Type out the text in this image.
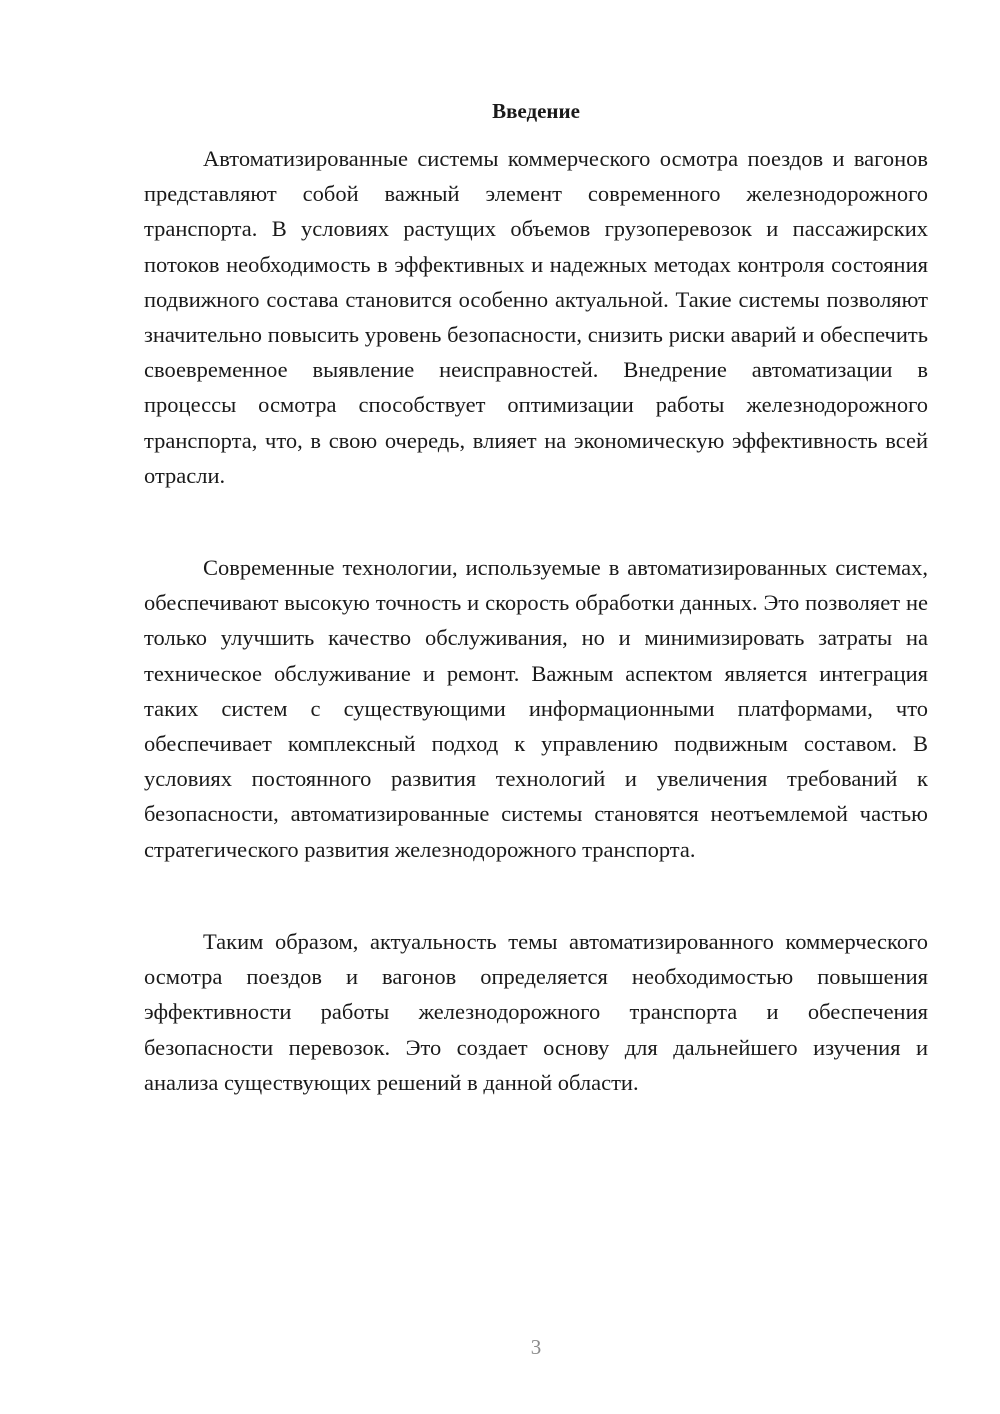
Введение

Автоматизированные системы коммерческого осмотра поездов и вагонов представляют собой важный элемент современного железнодорожного транспорта. В условиях растущих объемов грузоперевозок и пассажирских потоков необходимость в эффективных и надежных методах контроля состояния подвижного состава становится особенно актуальной. Такие системы позволяют значительно повысить уровень безопасности, снизить риски аварий и обеспечить своевременное выявление неисправностей. Внедрение автоматизации в процессы осмотра способствует оптимизации работы железнодорожного транспорта, что, в свою очередь, влияет на экономическую эффективность всей отрасли.

Современные технологии, используемые в автоматизированных системах, обеспечивают высокую точность и скорость обработки данных. Это позволяет не только улучшить качество обслуживания, но и минимизировать затраты на техническое обслуживание и ремонт. Важным аспектом является интеграция таких систем с существующими информационными платформами, что обеспечивает комплексный подход к управлению подвижным составом. В условиях постоянного развития технологий и увеличения требований к безопасности, автоматизированные системы становятся неотъемлемой частью стратегического развития железнодорожного транспорта.

Таким образом, актуальность темы автоматизированного коммерческого осмотра поездов и вагонов определяется необходимостью повышения эффективности работы железнодорожного транспорта и обеспечения безопасности перевозок. Это создает основу для дальнейшего изучения и анализа существующих решений в данной области.

3
